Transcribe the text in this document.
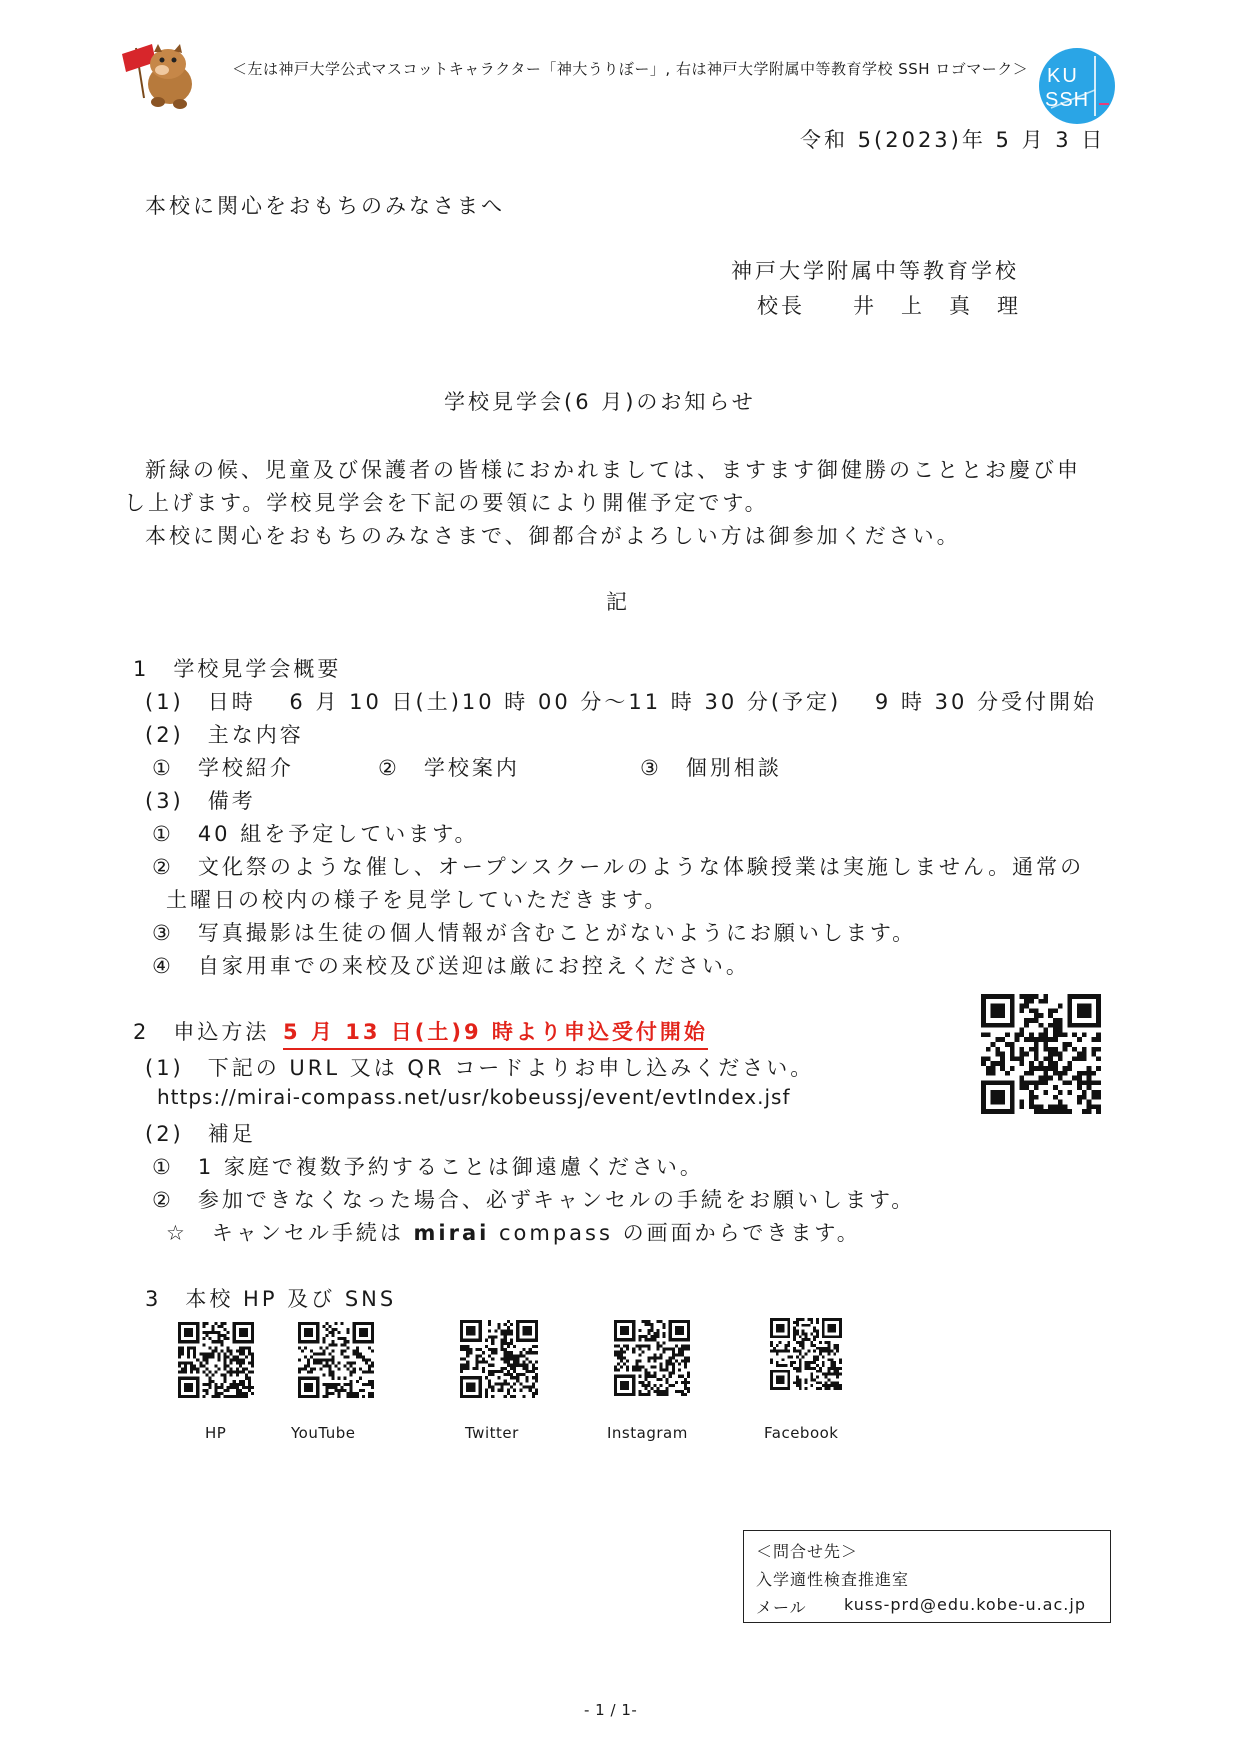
＜左は神戸大学公式マスコットキャラクター「神大うりぼー」, 右は神戸大学附属中等教育学校 SSH ロゴマーク＞ KU
SSH
令和 5(2023)年 5 月 3 日
本校に関心をおもちのみなさまへ
神戸大学附属中等教育学校
校長　　井　上　真　理
学校見学会(6 月)のお知らせ
新緑の候、児童及び保護者の皆様におかれましては、ますます御健勝のこととお慶び申
し上げます。学校見学会を下記の要領により開催予定です。
本校に関心をおもちのみなさまで、御都合がよろしい方は御参加ください。
記
1　学校見学会概要
(1)　日時　 6 月 10 日(土)10 時 00 分～11 時 30 分(予定)　 9 時 30 分受付開始
(2)　主な内容
①　学校紹介	②　学校案内	③　個別相談
(3)　備考
①　40 組を予定しています。
②　文化祭のような催し、オープンスクールのような体験授業は実施しません。通常の
土曜日の校内の様子を見学していただきます。
③　写真撮影は生徒の個人情報が含むことがないようにお願いします。
④　自家用車での来校及び送迎は厳にお控えください。
2　申込方法 5 月 13 日(土)9 時より申込受付開始
(1)　下記の URL 又は QR コードよりお申し込みください。
https://mirai-compass.net/usr/kobeussj/event/evtIndex.jsf
(2)　補足
①　1 家庭で複数予約することは御遠慮ください。
②　参加できなくなった場合、必ずキャンセルの手続をお願いします。
☆　キャンセル手続は mirai compass の画面からできます。
3　本校 HP 及び SNS
HP	YouTube	Twitter	Instagram	Facebook
＜問合せ先＞
入学適性検査推進室
メール kuss-prd@edu.kobe-u.ac.jp
- 1 / 1-
